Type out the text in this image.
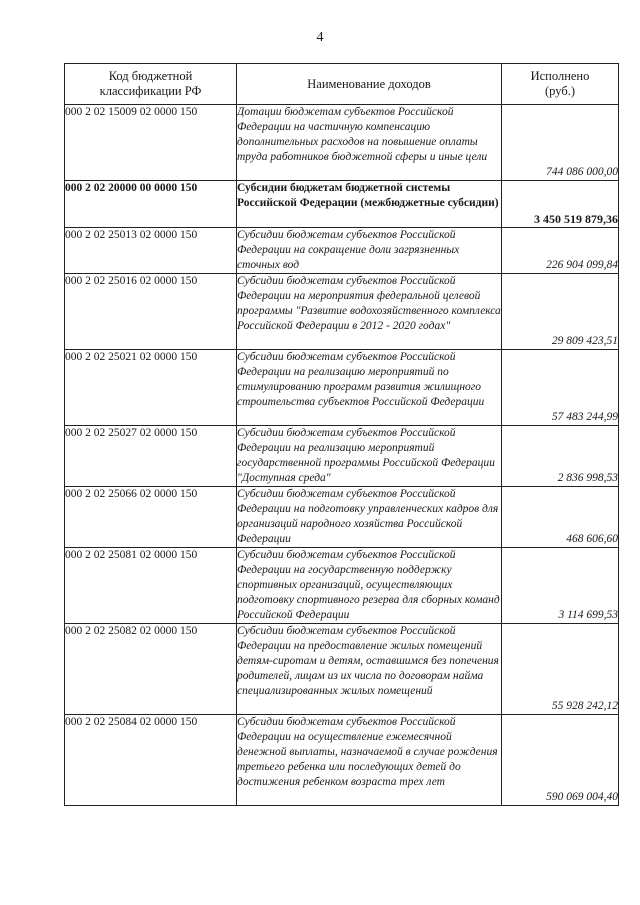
4
Код бюджетной
классификации РФ	Наименование доходов	Исполнено
(руб.)

000 2 02 15009 02 0000 150	Дотации бюджетам субъектов Российской Федерации на частичную компенсацию дополнительных расходов на повышение оплаты труда работников бюджетной сферы и иные цели	744 086 000,00
000 2 02 20000 00 0000 150	Субсидии бюджетам бюджетной системы Российской Федерации (межбюджетные субсидии)	3 450 519 879,36
000 2 02 25013 02 0000 150	Субсидии бюджетам субъектов Российской Федерации на сокращение доли загрязненных сточных вод	226 904 099,84
000 2 02 25016 02 0000 150	Субсидии бюджетам субъектов Российской Федерации на мероприятия федеральной целевой программы "Развитие водохозяйственного комплекса Российской Федерации в 2012 - 2020 годах"	29 809 423,51
000 2 02 25021 02 0000 150	Субсидии бюджетам субъектов Российской Федерации на реализацию мероприятий по стимулированию программ развития жилищного строительства субъектов Российской Федерации	57 483 244,99
000 2 02 25027 02 0000 150	Субсидии бюджетам субъектов Российской Федерации на реализацию мероприятий государственной программы Российской Федерации "Доступная среда"	2 836 998,53
000 2 02 25066 02 0000 150	Субсидии бюджетам субъектов Российской Федерации на подготовку управленческих кадров для организаций народного хозяйства Российской Федерации	468 606,60
000 2 02 25081 02 0000 150	Субсидии бюджетам субъектов Российской Федерации на государственную поддержку спортивных организаций, осуществляющих подготовку спортивного резерва для сборных команд Российской Федерации	3 114 699,53
000 2 02 25082 02 0000 150	Субсидии бюджетам субъектов Российской Федерации на предоставление жилых помещений детям-сиротам и детям, оставшимся без попечения родителей, лицам из их числа по договорам найма специализированных жилых помещений	55 928 242,12
000 2 02 25084 02 0000 150	Субсидии бюджетам субъектов Российской Федерации на осуществление ежемесячной денежной выплаты, назначаемой в случае рождения третьего ребенка или последующих детей до достижения ребенком возраста трех лет	590 069 004,40
